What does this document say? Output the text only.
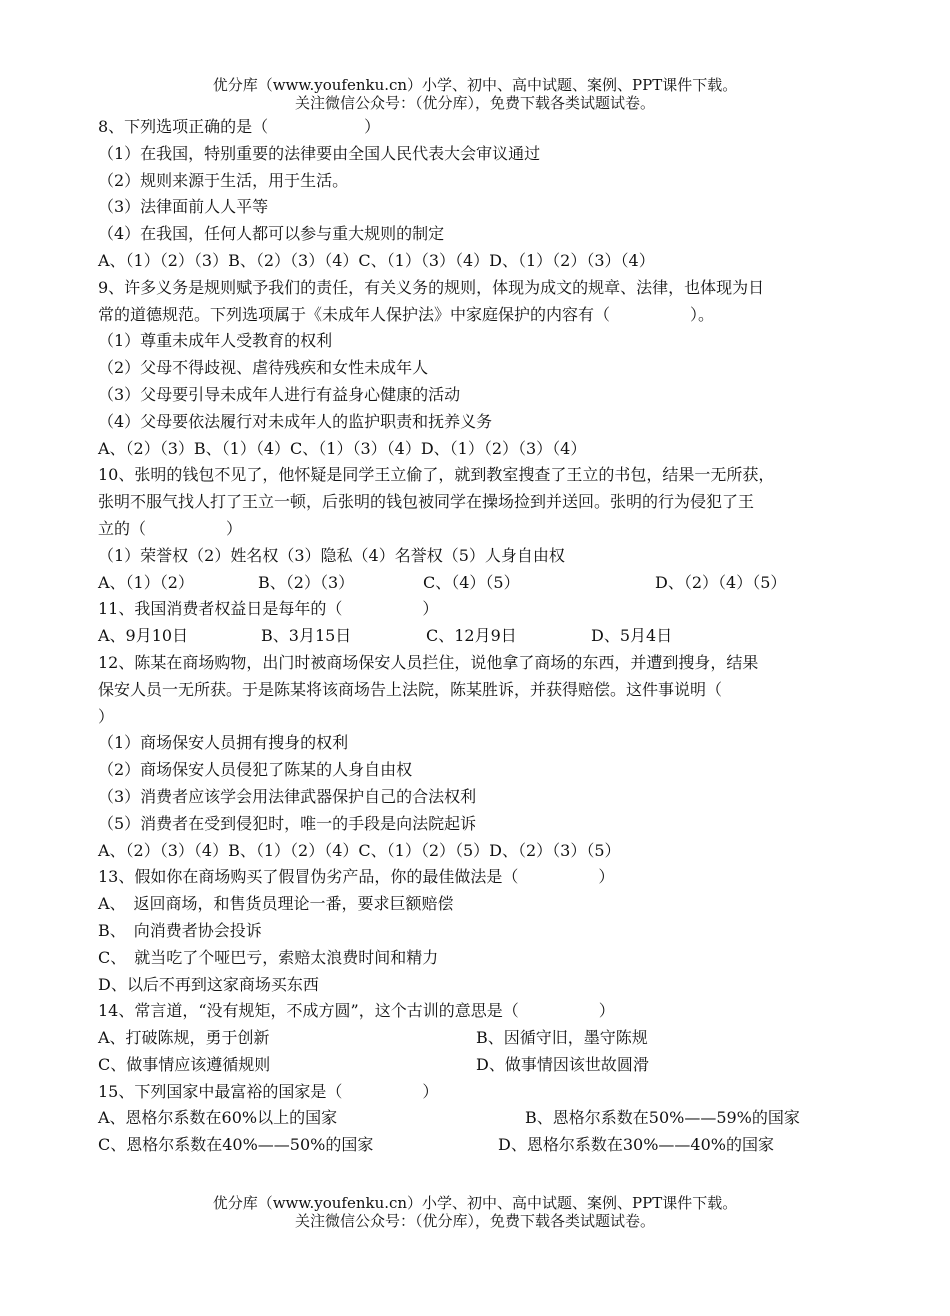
优分库（www.youfenku.cn）小学、初中、高中试题、案例、PPT课件下载。
关注微信公众号：（优分库），免费下载各类试题试卷。
8、下列选项正确的是（　　　　　　）
（1）在我国，特别重要的法律要由全国人民代表大会审议通过
（2）规则来源于生活，用于生活。
（3）法律面前人人平等
（4）在我国，任何人都可以参与重大规则的制定
A、（1）（2）（3）B、（2）（3）（4）C、（1）（3）（4）D、（1）（2）（3）（4）
9、许多义务是规则赋予我们的责任，有关义务的规则，体现为成文的规章、法律，也体现为日
常的道德规范。下列选项属于《未成年人保护法》中家庭保护的内容有（　　　　　）。
（1）尊重未成年人受教育的权利
（2）父母不得歧视、虐待残疾和女性未成年人
（3）父母要引导未成年人进行有益身心健康的活动
（4）父母要依法履行对未成年人的监护职责和抚养义务
A、（2）（3）B、（1）（4）C、（1）（3）（4）D、（1）（2）（3）（4）
10、张明的钱包不见了，他怀疑是同学王立偷了，就到教室搜查了王立的书包，结果一无所获，
张明不服气找人打了王立一顿，后张明的钱包被同学在操场捡到并送回。张明的行为侵犯了王
立的（　　　　　）
（1）荣誉权（2）姓名权（3）隐私（4）名誉权（5）人身自由权
A、（1）（2）	B、（2）（3）	C、（4）（5）	D、（2）（4）（5）
11、我国消费者权益日是每年的（　　　　　）
A、9月10日	B、3月15日	C、12月9日	D、5月4日
12、陈某在商场购物，出门时被商场保安人员拦住，说他拿了商场的东西，并遭到搜身，结果
保安人员一无所获。于是陈某将该商场告上法院，陈某胜诉，并获得赔偿。这件事说明（
）
（1）商场保安人员拥有搜身的权利
（2）商场保安人员侵犯了陈某的人身自由权
（3）消费者应该学会用法律武器保护自己的合法权利
（5）消费者在受到侵犯时，唯一的手段是向法院起诉
A、（2）（3）（4）B、（1）（2）（4）C、（1）（2）（5）D、（2）（3）（5）
13、假如你在商场购买了假冒伪劣产品，你的最佳做法是（　　　　　）
A、　返回商场，和售货员理论一番，要求巨额赔偿
B、　向消费者协会投诉
C、　就当吃了个哑巴亏，索赔太浪费时间和精力
D、以后不再到这家商场买东西
14、常言道，“没有规矩，不成方圆”，这个古训的意思是（　　　　　）
A、打破陈规，勇于创新	B、因循守旧，墨守陈规
C、做事情应该遵循规则	D、做事情因该世故圆滑
15、下列国家中最富裕的国家是（　　　　　）
A、恩格尔系数在60%以上的国家	B、恩格尔系数在50%——59%的国家
C、恩格尔系数在40%——50%的国家	D、恩格尔系数在30%——40%的国家
优分库（www.youfenku.cn）小学、初中、高中试题、案例、PPT课件下载。
关注微信公众号：（优分库），免费下载各类试题试卷。
